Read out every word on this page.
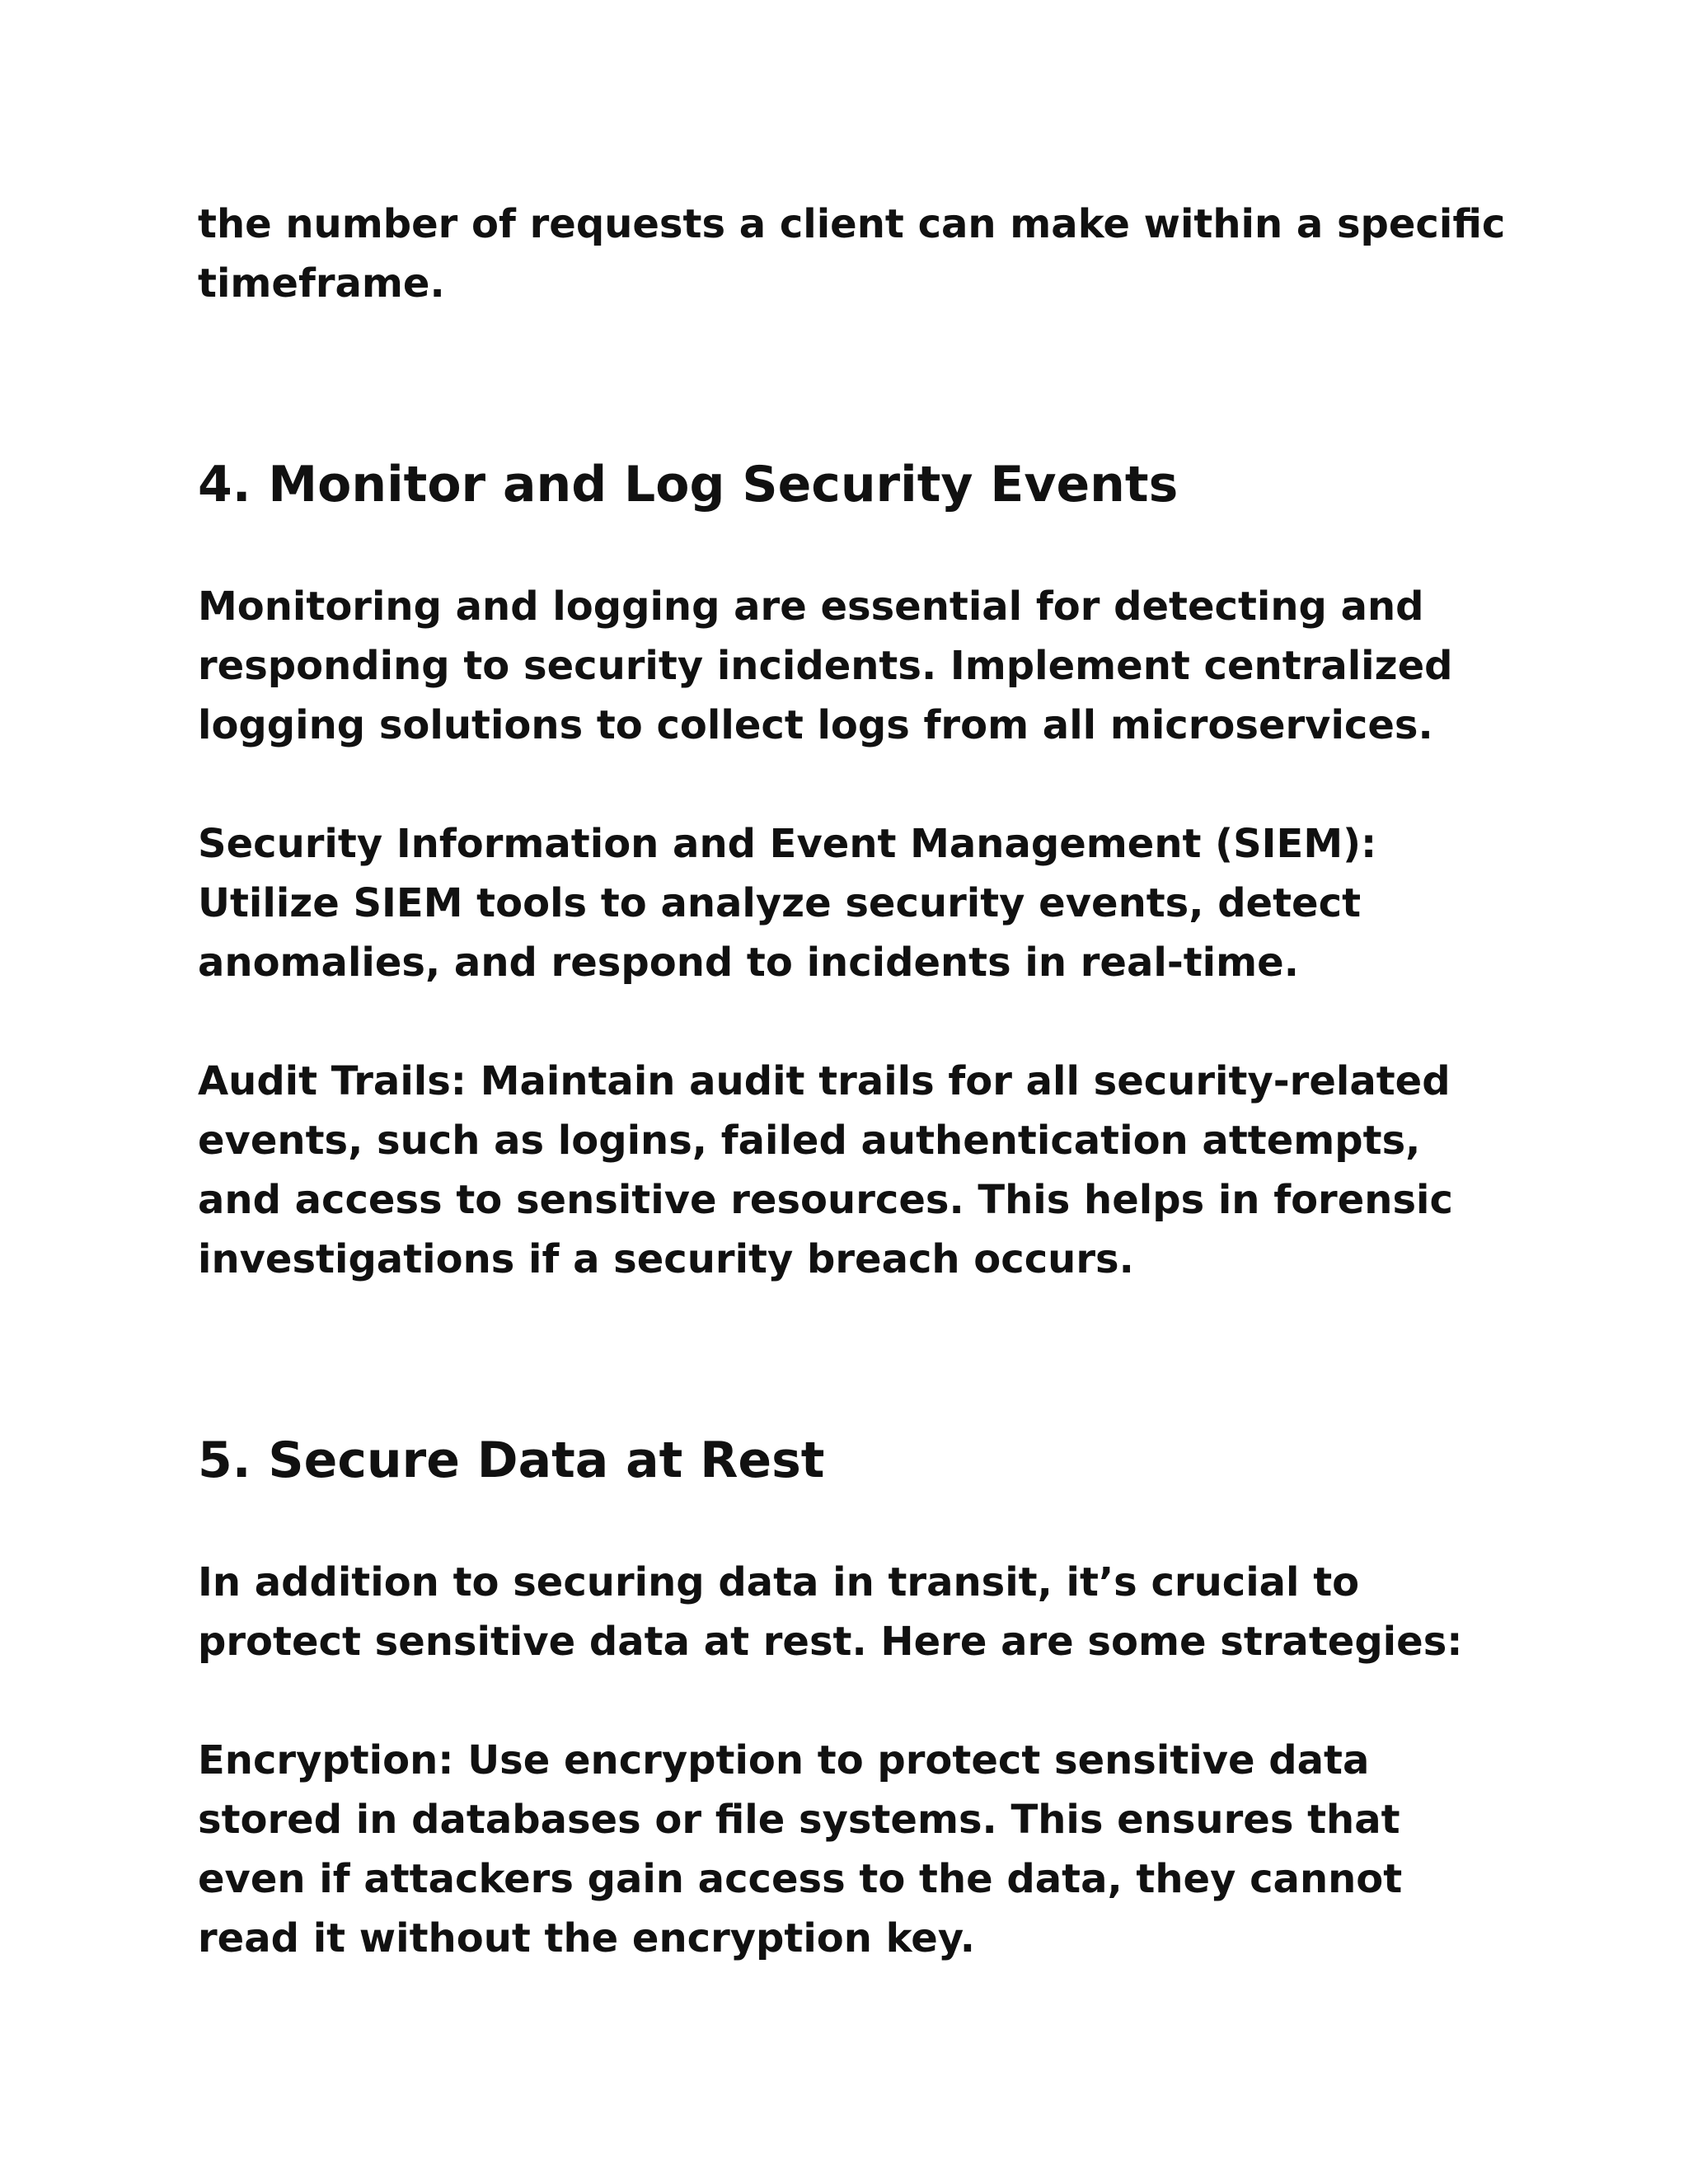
the number of requests a client can make within a specific timeframe.

4. Monitor and Log Security Events

Monitoring and logging are essential for detecting and responding to security incidents. Implement centralized logging solutions to collect logs from all microservices.

Security Information and Event Management (SIEM): Utilize SIEM tools to analyze security events, detect anomalies, and respond to incidents in real-time.

Audit Trails: Maintain audit trails for all security-related events, such as logins, failed authentication attempts, and access to sensitive resources. This helps in forensic investigations if a security breach occurs.

5. Secure Data at Rest

In addition to securing data in transit, it’s crucial to protect sensitive data at rest. Here are some strategies:

Encryption: Use encryption to protect sensitive data stored in databases or file systems. This ensures that even if attackers gain access to the data, they cannot read it without the encryption key.
